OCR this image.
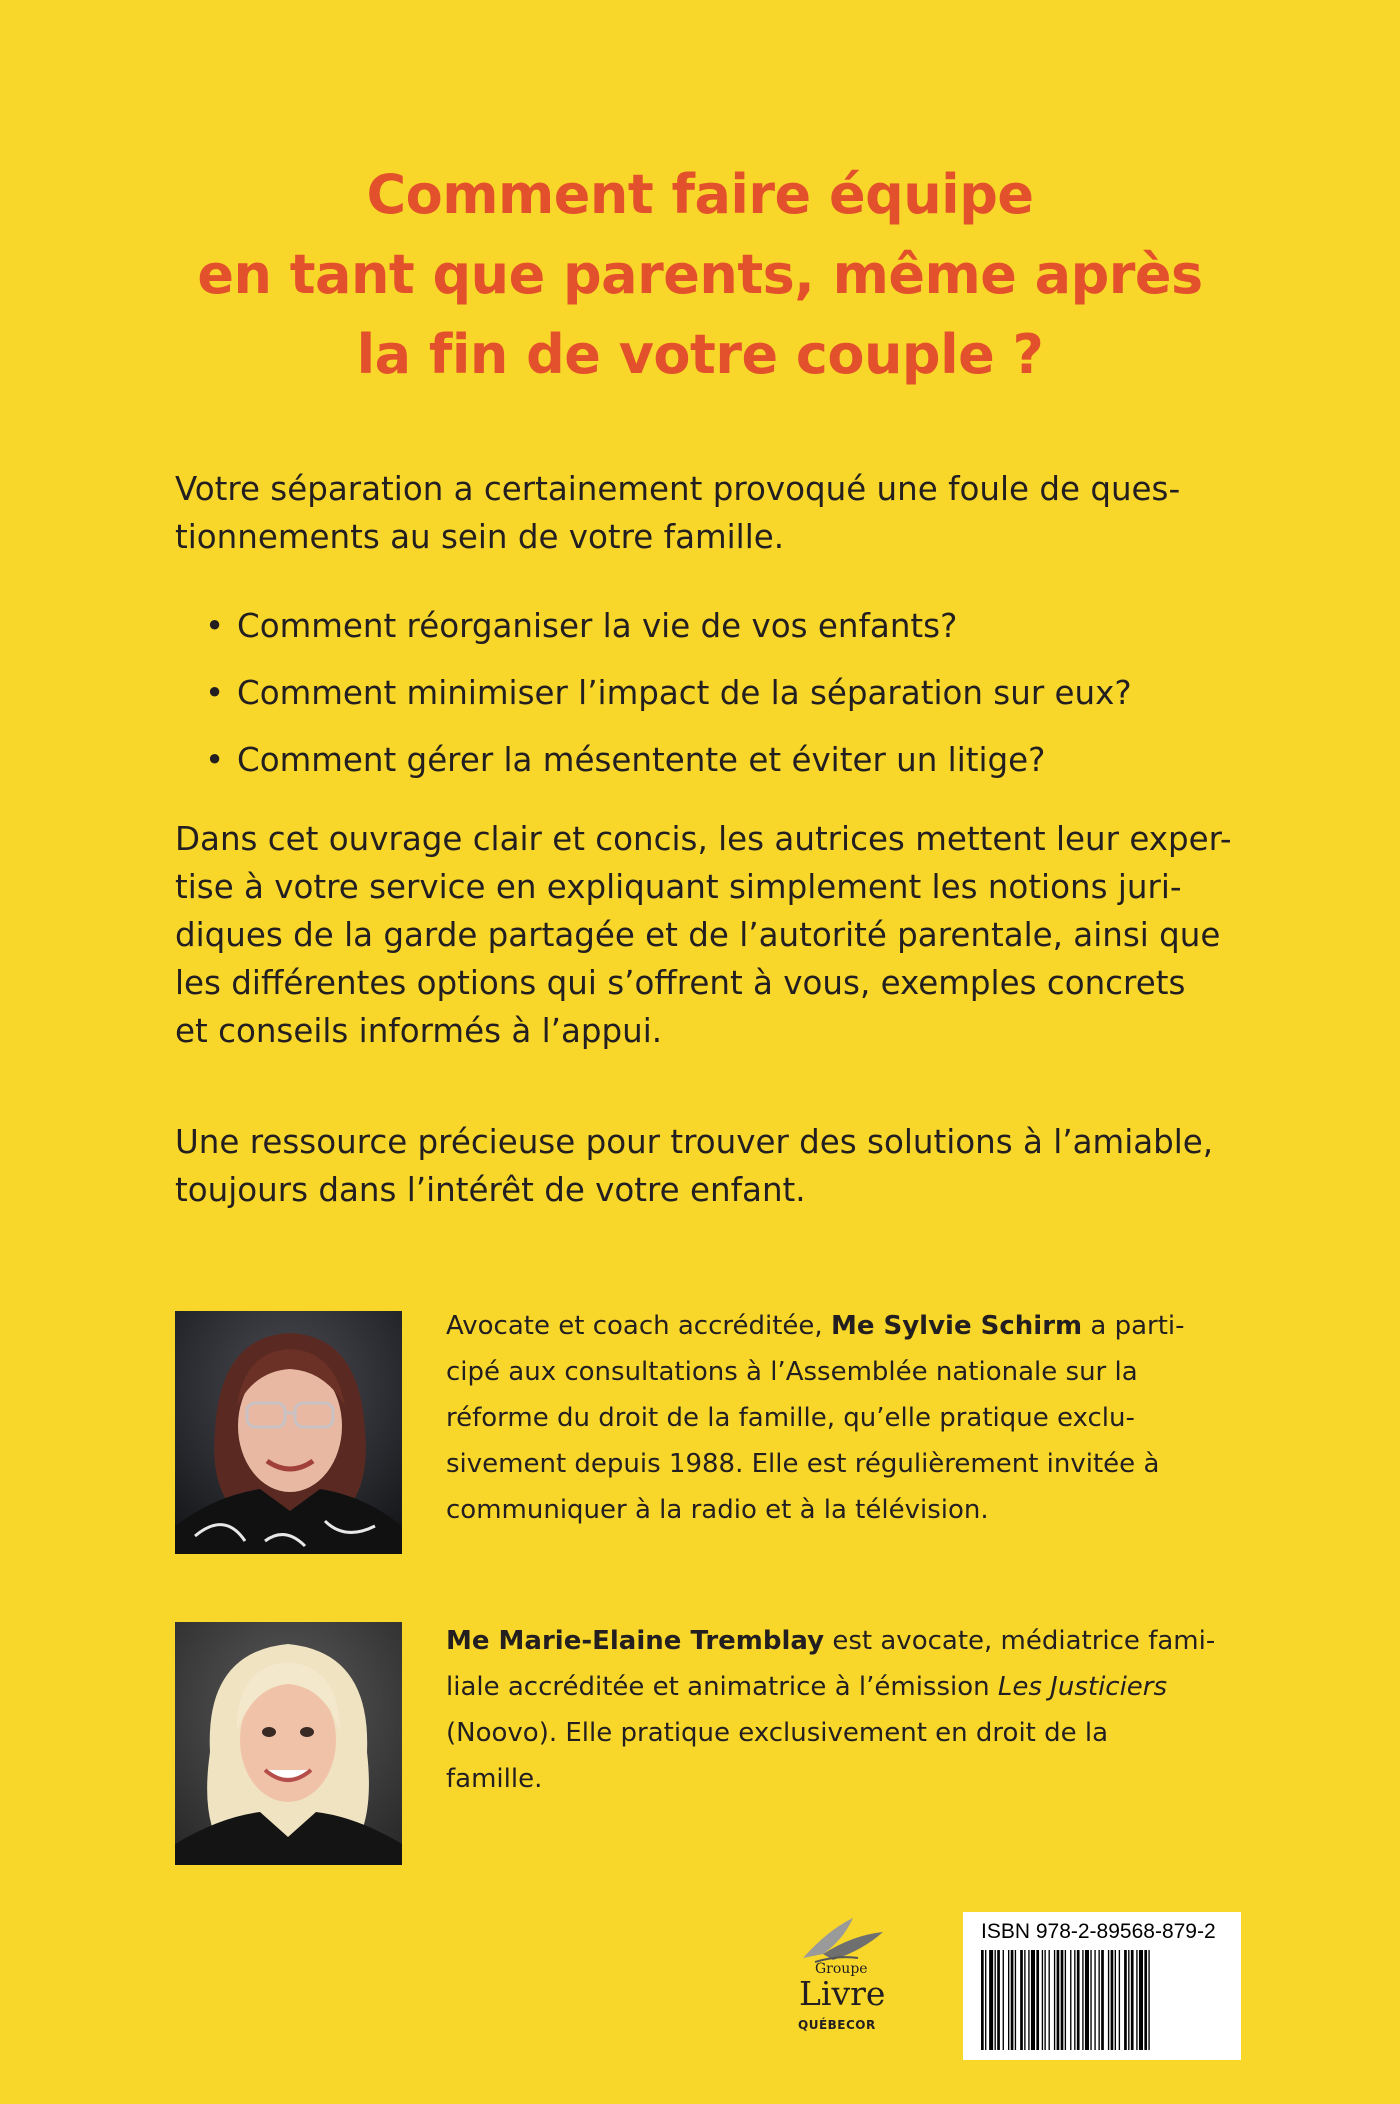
Comment faire équipe
en tant que parents, même après
la fin de votre couple ?
Votre séparation a certainement provoqué une foule de ques-
tionnements au sein de votre famille.
• Comment réorganiser la vie de vos enfants?
• Comment minimiser l’impact de la séparation sur eux?
• Comment gérer la mésentente et éviter un litige?
Dans cet ouvrage clair et concis, les autrices mettent leur exper-
tise à votre service en expliquant simplement les notions juri-
diques de la garde partagée et de l’autorité parentale, ainsi que
les différentes options qui s’offrent à vous, exemples concrets
et conseils informés à l’appui.
Une ressource précieuse pour trouver des solutions à l’amiable,
toujours dans l’intérêt de votre enfant.
Avocate et coach accréditée, Me Sylvie Schirm a parti-
cipé aux consultations à l’Assemblée nationale sur la
réforme du droit de la famille, qu’elle pratique exclu-
sivement depuis 1988. Elle est régulièrement invitée à
communiquer à la radio et à la télévision.
Me Marie-Elaine Tremblay est avocate, médiatrice fami-
liale accréditée et animatrice à l’émission Les Justiciers
(Noovo). Elle pratique exclusivement en droit de la
famille.
Groupe
Livre
QUÉBECOR
ISBN 978-2-89568-879-2
